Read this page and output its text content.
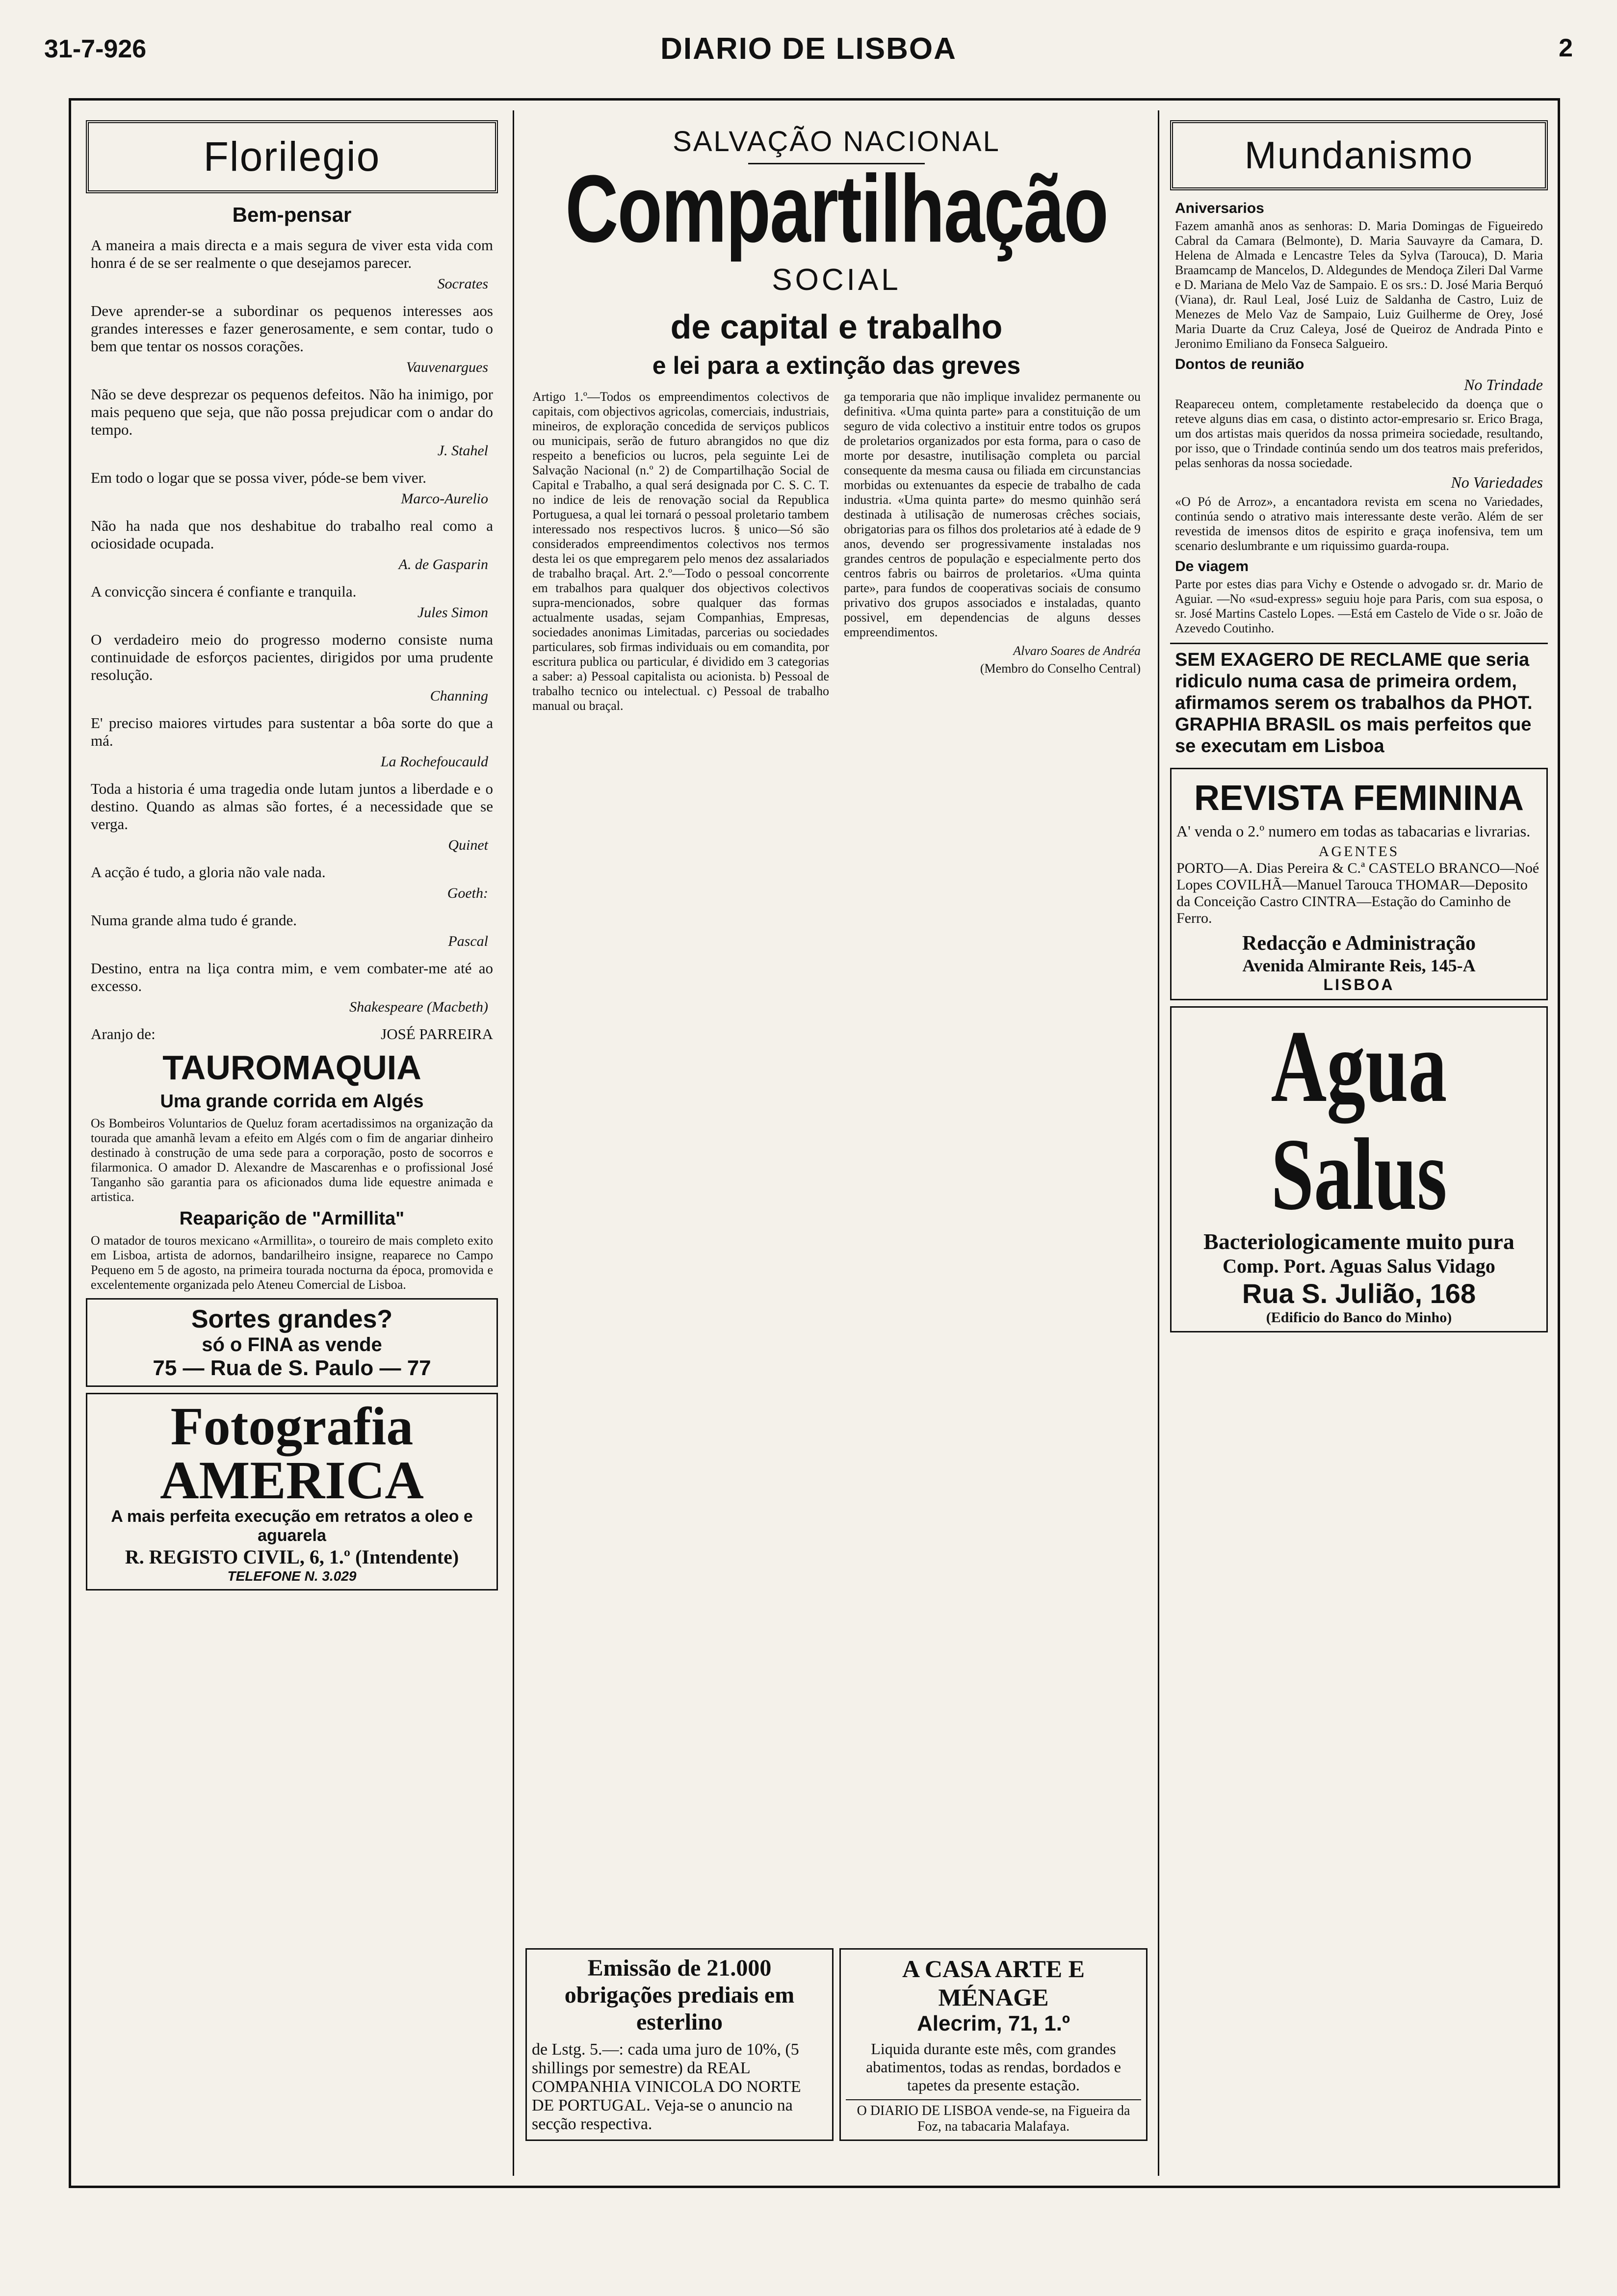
31-7-926	DIARIO DE LISBOA	2
Florilegio
Bem-pensar
A maneira a mais directa e a mais segura de viver esta vida com honra é de se ser realmente o que desejamos parecer.
Socrates
Deve aprender-se a subordinar os pequenos interesses aos grandes interesses e fazer generosamente, e sem contar, tudo o bem que tentar os nossos corações.
Vauvenargues
Não se deve desprezar os pequenos defeitos. Não ha inimigo, por mais pequeno que seja, que não possa prejudicar com o andar do tempo.
J. Stahel
Em todo o logar que se possa viver, póde-se bem viver.
Marco-Aurelio
Não ha nada que nos deshabitue do trabalho real como a ociosidade ocupada.
A. de Gasparin
A convicção sincera é confiante e tranquila.
Jules Simon
O verdadeiro meio do progresso moderno consiste numa continuidade de esforços pacientes, dirigidos por uma prudente resolução.
Channing
E' preciso maiores virtudes para sustentar a bôa sorte do que a má.
La Rochefoucauld
Toda a historia é uma tragedia onde lutam juntos a liberdade e o destino. Quando as almas são fortes, é a necessidade que se verga.
Quinet
A acção é tudo, a gloria não vale nada.
Goeth:
Numa grande alma tudo é grande.
Pascal
Destino, entra na liça contra mim, e vem combater-me até ao excesso.
Shakespeare (Macbeth)
Aranjo de:	JOSÉ PARREIRA
TAUROMAQUIA
Uma grande corrida em Algés
Os Bombeiros Voluntarios de Queluz foram acertadissimos na organização da tourada que amanhã levam a efeito em Algés com o fim de angariar dinheiro destinado à construção de uma sede para a corporação, posto de socorros e filarmonica. O amador D. Alexandre de Mascarenhas e o profissional José Tanganho são garantia para os aficionados duma lide equestre animada e artistica.
Reaparição de "Armillita"
O matador de touros mexicano «Armillita», o toureiro de mais completo exito em Lisboa, artista de adornos, bandarilheiro insigne, reaparece no Campo Pequeno em 5 de agosto, na primeira tourada nocturna da época, promovida e excelentemente organizada pelo Ateneu Comercial de Lisboa.
Sortes grandes?
só o FINA as vende
75 — Rua de S. Paulo — 77
Fotografia
AMERICA
A mais perfeita execução em retratos a oleo e aguarela
R. REGISTO CIVIL, 6, 1.º (Intendente)
TELEFONE N. 3.029
SALVAÇÃO NACIONAL
Compartilhação
SOCIAL
de capital e trabalho
e lei para a extinção das greves

Artigo 1.º—Todos os empreendimentos colectivos de capitais, com objectivos agricolas, comerciais, industriais, mineiros, de exploração concedida de serviços publicos ou municipais, serão de futuro abrangidos no que diz respeito a beneficios ou lucros, pela seguinte Lei de Salvação Nacional (n.º 2) de Compartilhação Social de Capital e Trabalho, a qual será designada por C. S. C. T. no indice de leis de renovação social da Republica Portuguesa, a qual lei tornará o pessoal proletario tambem interessado nos respectivos lucros. § unico—Só são considerados empreendimentos colectivos nos termos desta lei os que empregarem pelo menos dez assalariados de trabalho braçal. Art. 2.º—Todo o pessoal concorrente em trabalhos para qualquer dos objectivos colectivos supra-mencionados, sobre qualquer das formas actualmente usadas, sejam Companhias, Empresas, sociedades anonimas Limitadas, parcerias ou sociedades particulares, sob firmas individuais ou em comandita, por escritura publica ou particular, é dividido em 3 categorias a saber: a) Pessoal capitalista ou acionista. b) Pessoal de trabalho tecnico ou intelectual. c) Pessoal de trabalho manual ou braçal.

ga temporaria que não implique invalidez permanente ou definitiva. «Uma quinta parte» para a constituição de um seguro de vida colectivo a instituir entre todos os grupos de proletarios organizados por esta forma, para o caso de morte por desastre, inutilisação completa ou parcial consequente da mesma causa ou filiada em circunstancias morbidas ou extenuantes da especie de trabalho de cada industria. «Uma quinta parte» do mesmo quinhão será destinada à utilisação de numerosas crêches sociais, obrigatorias para os filhos dos proletarios até à edade de 9 anos, devendo ser progressivamente instaladas nos grandes centros de população e especialmente perto dos centros fabris ou bairros de proletarios. «Uma quinta parte», para fundos de cooperativas sociais de consumo privativo dos grupos associados e instaladas, quanto possivel, em dependencias de alguns desses empreendimentos.

Alvaro Soares de Andréa
(Membro do Conselho Central)
Emissão de 21.000 obrigações prediais em esterlino
de Lstg. 5.—: cada uma juro de 10%, (5 shillings por semestre) da REAL COMPANHIA VINICOLA DO NORTE DE PORTUGAL. Veja-se o anuncio na secção respectiva.
A CASA ARTE E MÉNAGE
Alecrim, 71, 1.º
Liquida durante este mês, com grandes abatimentos, todas as rendas, bordados e tapetes da presente estação.
O DIARIO DE LISBOA vende-se, na Figueira da Foz, na tabacaria Malafaya.
Mundanismo
Aniversarios
Fazem amanhã anos as senhoras: D. Maria Domingas de Figueiredo Cabral da Camara (Belmonte), D. Maria Sauvayre da Camara, D. Helena de Almada e Lencastre Teles da Sylva (Tarouca), D. Maria Braamcamp de Mancelos, D. Aldegundes de Mendoça Zileri Dal Varme e D. Mariana de Melo Vaz de Sampaio. E os srs.: D. José Maria Berquó (Viana), dr. Raul Leal, José Luiz de Saldanha de Castro, Luiz de Menezes de Melo Vaz de Sampaio, Luiz Guilherme de Orey, José Maria Duarte da Cruz Caleya, José de Queiroz de Andrada Pinto e Jeronimo Emiliano da Fonseca Salgueiro.
Dontos de reunião
No Trindade
Reapareceu ontem, completamente restabelecido da doença que o reteve alguns dias em casa, o distinto actor-empresario sr. Erico Braga, um dos artistas mais queridos da nossa primeira sociedade, resultando, por isso, que o Trindade continúa sendo um dos teatros mais preferidos, pelas senhoras da nossa sociedade.
No Variedades
«O Pó de Arroz», a encantadora revista em scena no Variedades, continúa sendo o atrativo mais interessante deste verão. Além de ser revestida de imensos ditos de espirito e graça inofensiva, tem um scenario deslumbrante e um riquissimo guarda-roupa.
De viagem
Parte por estes dias para Vichy e Ostende o advogado sr. dr. Mario de Aguiar. —No «sud-express» seguiu hoje para Paris, com sua esposa, o sr. José Martins Castelo Lopes. —Está em Castelo de Vide o sr. João de Azevedo Coutinho.
SEM EXAGERO DE RECLAME que seria ridiculo numa casa de primeira ordem, afirmamos serem os trabalhos da PHOT. GRAPHIA BRASIL os mais perfeitos que se executam em Lisboa
REVISTA FEMININA
A' venda o 2.º numero em todas as tabacarias e livrarias.
AGENTES
PORTO—A. Dias Pereira & C.ª CASTELO BRANCO—Noé Lopes COVILHÃ—Manuel Tarouca THOMAR—Deposito da Conceição Castro CINTRA—Estação do Caminho de Ferro.
Redacção e Administração
Avenida Almirante Reis, 145-A
LISBOA
Agua Salus
Bacteriologicamente muito pura
Comp. Port. Aguas Salus Vidago
Rua S. Julião, 168
(Edificio do Banco do Minho)
